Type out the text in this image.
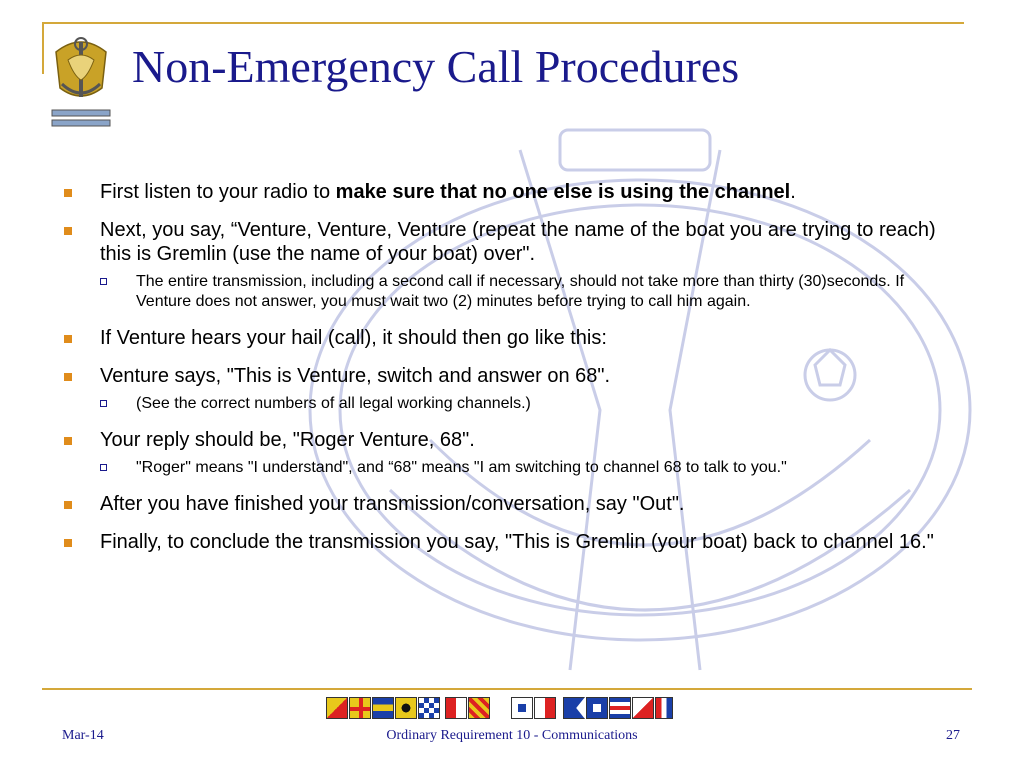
Non-Emergency Call Procedures
First listen to your radio to make sure that no one else is using the channel.
Next, you say, “Venture, Venture, Venture (repeat the name of the boat you are trying to reach) this is Gremlin (use the name of your boat) over".
The entire transmission, including a second call if necessary, should not take more than thirty (30)seconds. If Venture does not answer, you must wait two (2) minutes before trying to call him again.
If Venture hears your hail (call), it should then go like this:
Venture says, "This is Venture, switch and answer on 68".
(See the correct numbers of all legal working channels.)
Your reply should be, "Roger Venture, 68".
"Roger" means "I understand", and “68" means "I am switching to channel 68 to talk to you."
After you have finished your transmission/conversation, say "Out".
Finally, to conclude the transmission you say, "This is Gremlin (your boat) back to channel 16."
Mar-14	Ordinary Requirement 10 - Communications	27
